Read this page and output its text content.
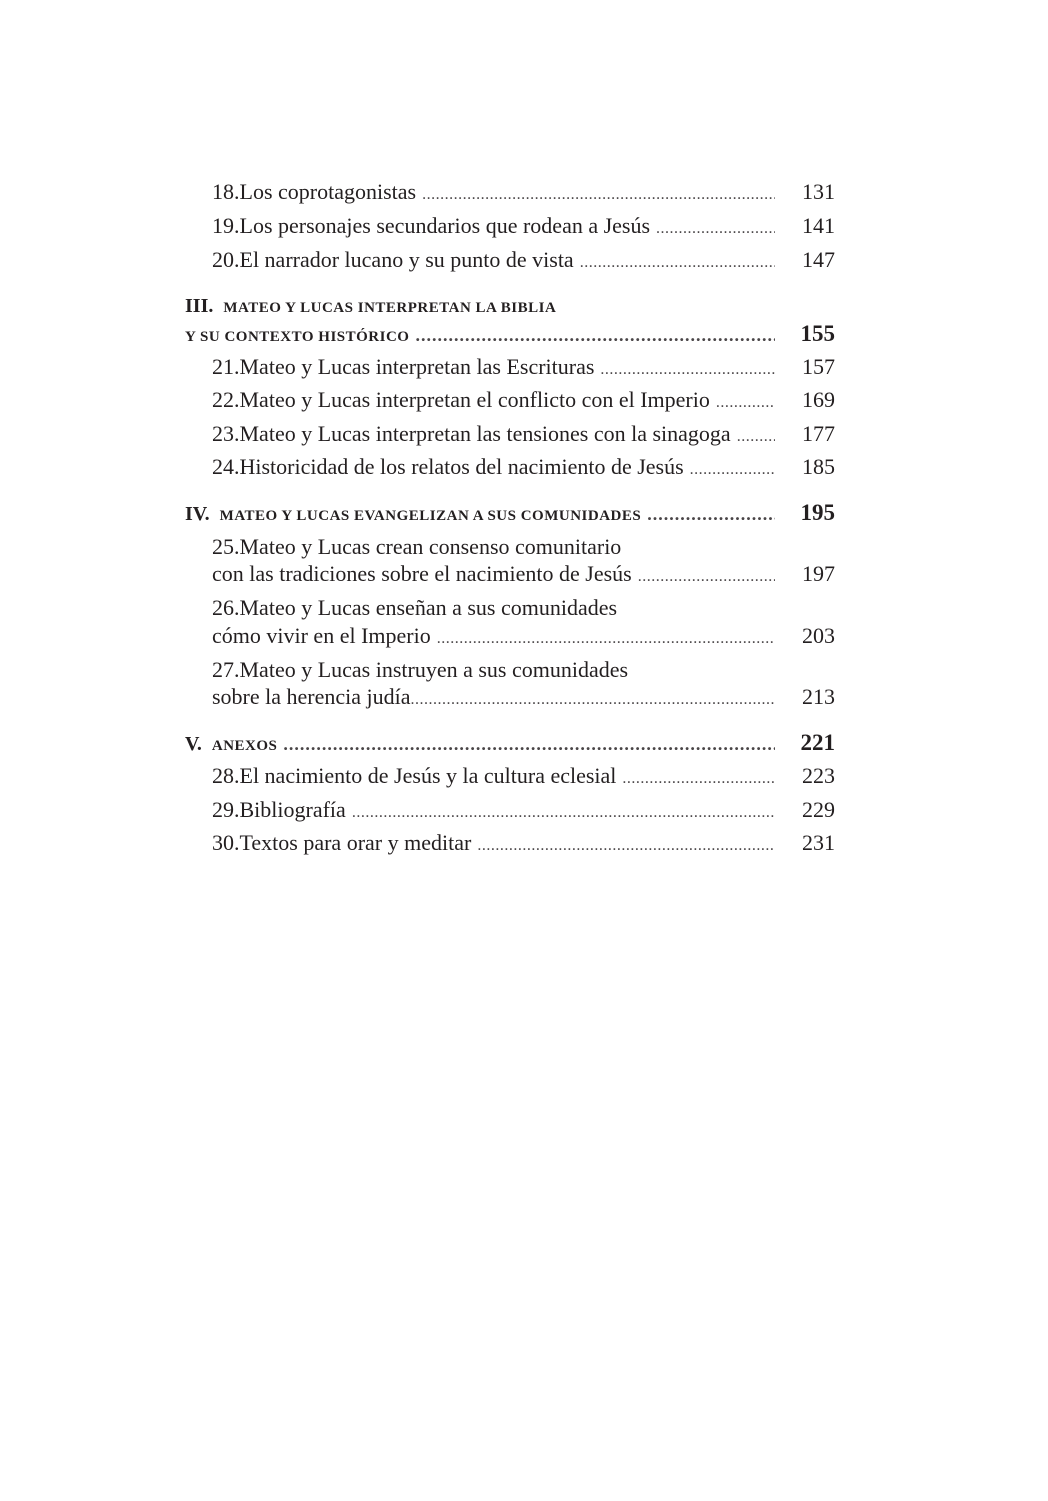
18. Los coprotagonistas .....	131
19. Los personajes secundarios que rodean a Jesús .....	141
20. El narrador lucano y su punto de vista .....	147
III. MATEO Y LUCAS INTERPRETAN LA BIBLIA
Y SU CONTEXTO HISTÓRICO .....	155
21. Mateo y Lucas interpretan las Escrituras .....	157
22. Mateo y Lucas interpretan el conflicto con el Imperio .....	169
23. Mateo y Lucas interpretan las tensiones con la sinagoga .....	177
24. Historicidad de los relatos del nacimiento de Jesús .....	185
IV. MATEO Y LUCAS EVANGELIZAN A SUS COMUNIDADES .....	195
25. Mateo y Lucas crean consenso comunitario
con las tradiciones sobre el nacimiento de Jesús .....	197
26. Mateo y Lucas enseñan a sus comunidades
cómo vivir en el Imperio .....	203
27. Mateo y Lucas instruyen a sus comunidades
sobre la herencia judía .....	213
V. ANEXOS .....	221
28. El nacimiento de Jesús y la cultura eclesial .....	223
29. Bibliografía .....	229
30. Textos para orar y meditar .....	231
